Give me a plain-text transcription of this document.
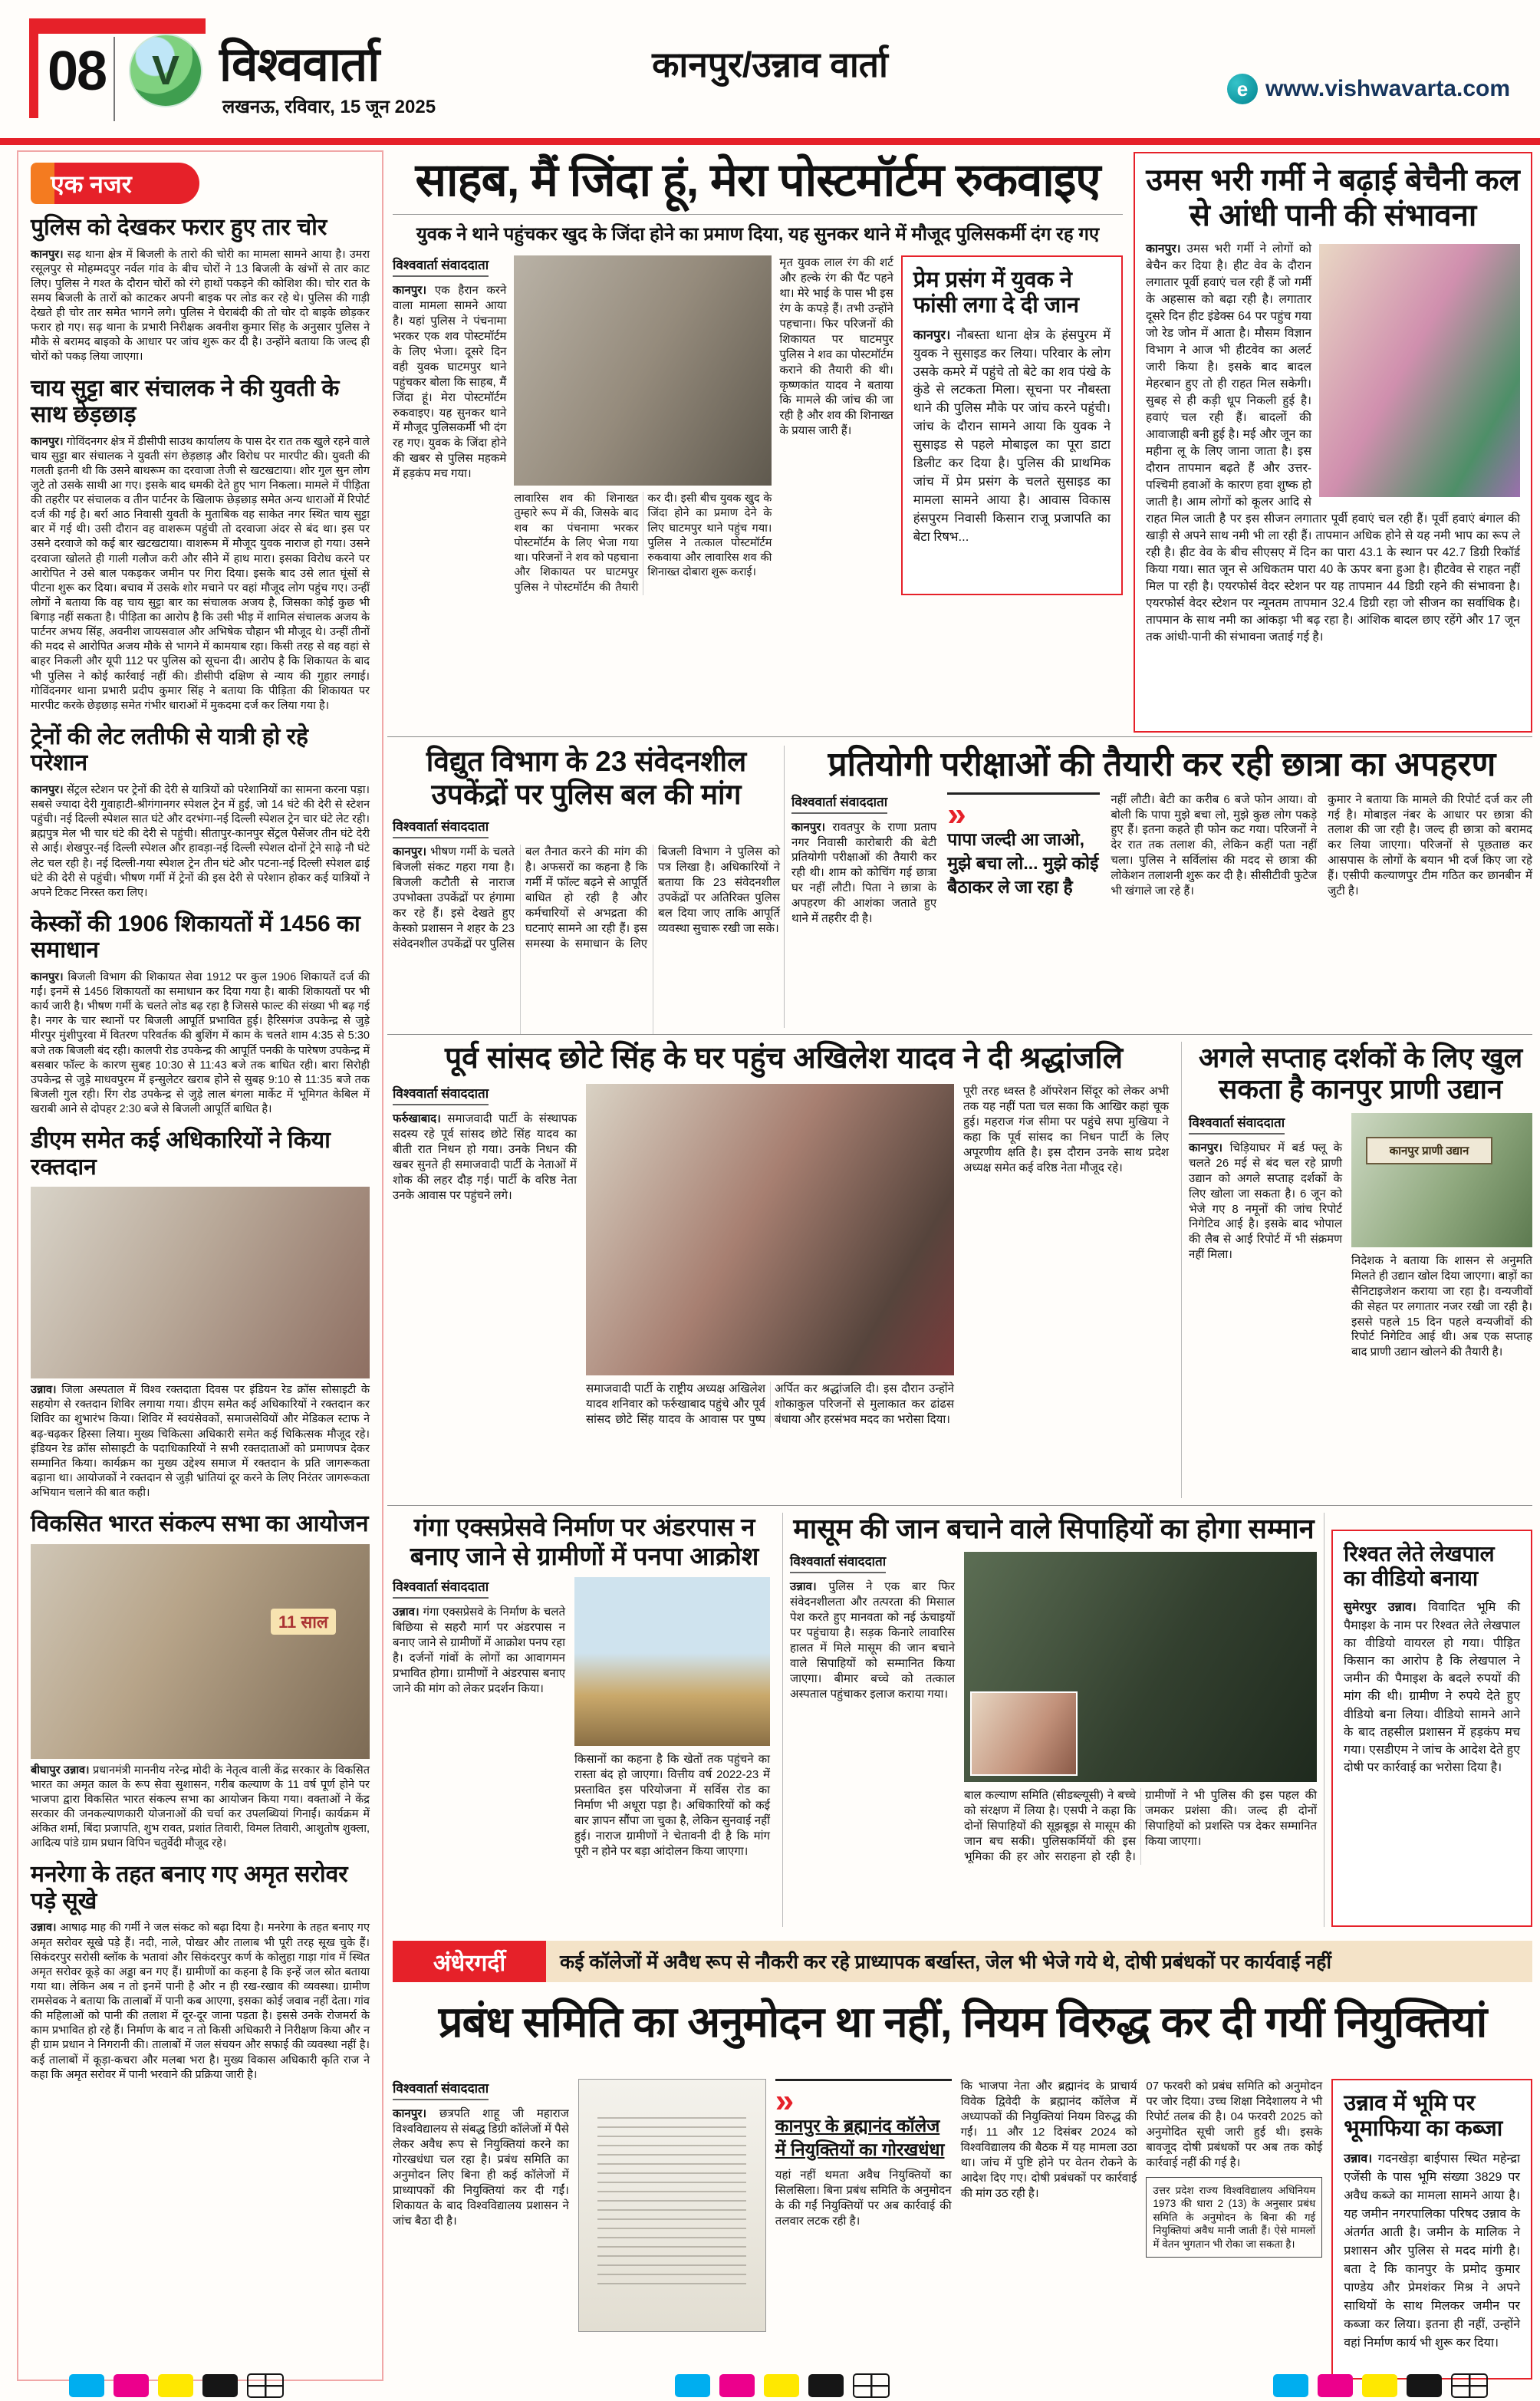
08 V विश्ववार्ता
लखनऊ, रविवार, 15 जून 2025
कानपुर/उन्नाव वार्ता
e www.vishwavarta.com
एक नजर
पुलिस को देखकर फरार हुए तार चोर
कानपुर। सढ़ थाना क्षेत्र में बिजली के तारो की चोरी का मामला सामने आया है। उमरा रसूलपुर से मोहम्मदपुर नर्वल गांव के बीच चोरों ने 13 बिजली के खंभों से तार काट लिए। पुलिस ने गश्त के दौरान चोरों को रंगे हाथों पकड़ने की कोशिश की। चोर रात के समय बिजली के तारों को काटकर अपनी बाइक पर लोड कर रहे थे। पुलिस की गाड़ी देखते ही चोर तार समेत भागने लगे। पुलिस ने घेराबंदी की तो चोर दो बाइके छोड़कर फरार हो गए। सढ़ थाना के प्रभारी निरीक्षक अवनीश कुमार सिंह के अनुसार पुलिस ने मौके से बरामद बाइको के आधार पर जांच शुरू कर दी है। उन्होंने बताया कि जल्द ही चोरों को पकड़ लिया जाएगा।
चाय सुट्टा बार संचालक ने की युवती के साथ छेड़छाड़
कानपुर। गोविंदनगर क्षेत्र में डीसीपी साउथ कार्यालय के पास देर रात तक खुले रहने वाले चाय सुट्टा बार संचालक ने युवती संग छेड़छाड़ और विरोध पर मारपीट की। युवती की गलती इतनी थी कि उसने बाथरूम का दरवाजा तेजी से खटखटाया। शोर गुल सुन लोग जुटे तो उसके साथी आ गए। इसके बाद धमकी देते हुए भाग निकला। मामले में पीड़िता की तहरीर पर संचालक व तीन पार्टनर के खिलाफ छेड़छाड़ समेत अन्य धाराओं में रिपोर्ट दर्ज की गई है। बर्रा आठ निवासी युवती के मुताबिक वह साकेत नगर स्थित चाय सुट्टा बार में गई थी। उसी दौरान वह वाशरूम पहुंची तो दरवाजा अंदर से बंद था। इस पर उसने दरवाजे को कई बार खटखटाया। वाशरूम में मौजूद युवक नाराज हो गया। उसने दरवाजा खोलते ही गाली गलौज करी और सीने में हाथ मारा। इसका विरोध करने पर आरोपित ने उसे बाल पकड़कर जमीन पर गिरा दिया। इसके बाद उसे लात घूंसों से पीटना शुरू कर दिया। बचाव में उसके शोर मचाने पर वहां मौजूद लोग पहुंच गए। उन्हीं लोगों ने बताया कि वह चाय सुट्टा बार का संचालक अजय है, जिसका कोई कुछ भी बिगाड़ नहीं सकता है। पीड़िता का आरोप है कि उसी भीड़ में शामिल संचालक अजय के पार्टनर अभय सिंह, अवनीश जायसवाल और अभिषेक चौहान भी मौजूद थे। उन्हीं तीनों की मदद से आरोपित अजय मौके से भागने में कामयाब रहा। किसी तरह से वह वहां से बाहर निकली और यूपी 112 पर पुलिस को सूचना दी। आरोप है कि शिकायत के बाद भी पुलिस ने कोई कार्रवाई नहीं की। डीसीपी दक्षिण से न्याय की गुहार लगाई। गोविंदनगर थाना प्रभारी प्रदीप कुमार सिंह ने बताया कि पीड़िता की शिकायत पर मारपीट करके छेड़छाड़ समेत गंभीर धाराओं में मुकदमा दर्ज कर लिया गया है।
ट्रेनों की लेट लतीफी से यात्री हो रहे परेशान
कानपुर। सेंट्रल स्टेशन पर ट्रेनों की देरी से यात्रियों को परेशानियों का सामना करना पड़ा। सबसे ज्यादा देरी गुवाहाटी-श्रीगंगानगर स्पेशल ट्रेन में हुई, जो 14 घंटे की देरी से स्टेशन पहुंची। नई दिल्ली स्पेशल सात घंटे और दरभंगा-नई दिल्ली स्पेशल ट्रेन चार घंटे लेट रही। ब्रह्मपुत्र मेल भी चार घंटे की देरी से पहुंची। सीतापुर-कानपुर सेंट्रल पैसेंजर तीन घंटे देरी से आई। शेखपुर-नई दिल्ली स्पेशल और हावड़ा-नई दिल्ली स्पेशल दोनों ट्रेने साढ़े नौ घंटे लेट चल रही है। नई दिल्ली-गया स्पेशल ट्रेन तीन घंटे और पटना-नई दिल्ली स्पेशल ढाई घंटे की देरी से पहुंची। भीषण गर्मी में ट्रेनों की इस देरी से परेशान होकर कई यात्रियों ने अपने टिकट निरस्त करा लिए।
केस्कों की 1906 शिकायतों में 1456 का समाधान
कानपुर। बिजली विभाग की शिकायत सेवा 1912 पर कुल 1906 शिकायतें दर्ज की गईं। इनमें से 1456 शिकायतों का समाधान कर दिया गया है। बाकी शिकायतों पर भी कार्य जारी है। भीषण गर्मी के चलते लोड बढ़ रहा है जिससे फाल्ट की संख्या भी बढ़ गई है। नगर के चार स्थानों पर बिजली आपूर्ति प्रभावित हुई। हैरिसगंज उपकेन्द्र से जुड़े मीरपुर मुंशीपुरवा में वितरण परिवर्तक की बुशिंग में काम के चलते शाम 4:35 से 5:30 बजे तक बिजली बंद रही। कालपी रोड उपकेन्द्र की आपूर्ति पनकी के पारेषण उपकेन्द्र में बसबार फॉल्ट के कारण सुबह 10:30 से 11:43 बजे तक बाधित रही। बारा सिरोही उपकेन्द्र से जुड़े माधवपुरम में इन्सुलेटर खराब होने से सुबह 9:10 से 11:35 बजे तक बिजली गुल रही। रिंग रोड उपकेन्द्र से जुड़े लाल बंगला मार्केट में भूमिगत केबिल में खराबी आने से दोपहर 2:30 बजे से बिजली आपूर्ति बाधित है।
डीएम समेत कई अधिकारियों ने किया रक्तदान
उन्नाव। जिला अस्पताल में विश्व रक्तदाता दिवस पर इंडियन रेड क्रॉस सोसाइटी के सहयोग से रक्तदान शिविर लगाया गया। डीएम समेत कई अधिकारियों ने रक्तदान कर शिविर का शुभारंभ किया। शिविर में स्वयंसेवकों, समाजसेवियों और मेडिकल स्टाफ ने बढ़-चढ़कर हिस्सा लिया। मुख्य चिकित्सा अधिकारी समेत कई चिकित्सक मौजूद रहे। इंडियन रेड क्रॉस सोसाइटी के पदाधिकारियों ने सभी रक्तदाताओं को प्रमाणपत्र देकर सम्मानित किया। कार्यक्रम का मुख्य उद्देश्य समाज में रक्तदान के प्रति जागरूकता बढ़ाना था। आयोजकों ने रक्तदान से जुड़ी भ्रांतियां दूर करने के लिए निरंतर जागरूकता अभियान चलाने की बात कही।
विकसित भारत संकल्प सभा का आयोजन
11 साल
बीघापुर उन्नाव। प्रधानमंत्री माननीय नरेन्द्र मोदी के नेतृत्व वाली केंद्र सरकार के विकसित भारत का अमृत काल के रूप सेवा सुशासन, गरीब कल्याण के 11 वर्ष पूर्ण होने पर भाजपा द्वारा विकसित भारत संकल्प सभा का आयोजन किया गया। वक्ताओं ने केंद्र सरकार की जनकल्याणकारी योजनाओं की चर्चा कर उपलब्धियां गिनाईं। कार्यक्रम में अंकित शर्मा, बिंदा प्रजापति, शुभ रावत, प्रशांत तिवारी, विमल तिवारी, आशुतोष शुक्ला, आदित्य पांडे ग्राम प्रधान विपिन चतुर्वेदी मौजूद रहे।
मनरेगा के तहत बनाए गए अमृत सरोवर पड़े सूखे
उन्नाव। आषाढ़ माह की गर्मी ने जल संकट को बढ़ा दिया है। मनरेगा के तहत बनाए गए अमृत सरोवर सूखे पड़े हैं। नदी, नाले, पोखर और तालाब भी पूरी तरह सूख चुके हैं। सिकंदरपुर सरोसी ब्लॉक के भतावां और सिकंदरपुर कर्ण के कोलुहा गाड़ा गांव में स्थित अमृत सरोवर कूड़े का अड्डा बन गए हैं। ग्रामीणों का कहना है कि इन्हें जल स्रोत बताया गया था। लेकिन अब न तो इनमें पानी है और न ही रख-रखाव की व्यवस्था। ग्रामीण रामसेवक ने बताया कि तालाबों में पानी कब आएगा, इसका कोई जवाब नहीं देता। गांव की महिलाओं को पानी की तलाश में दूर-दूर जाना पड़ता है। इससे उनके रोजमर्रा के काम प्रभावित हो रहे हैं। निर्माण के बाद न तो किसी अधिकारी ने निरीक्षण किया और न ही ग्राम प्रधान ने निगरानी की। तालाबों में जल संचयन और सफाई की व्यवस्था नहीं है। कई तालाबों में कूड़ा-कचरा और मलबा भरा है। मुख्य विकास अधिकारी कृति राज ने कहा कि अमृत सरोवर में पानी भरवाने की प्रक्रिया जारी है।
साहब, मैं जिंदा हूं, मेरा पोस्टमॉर्टम रुकवाइए
युवक ने थाने पहुंचकर खुद के जिंदा होने का प्रमाण दिया, यह सुनकर थाने में मौजूद पुलिसकर्मी दंग रह गए
विश्ववार्ता संवाददाता
कानपुर। एक हैरान करने वाला मामला सामने आया है। यहां पुलिस ने पंचनामा भरकर एक शव पोस्टमॉर्टम के लिए भेजा। दूसरे दिन वही युवक घाटमपुर थाने पहुंचकर बोला कि साहब, मैं जिंदा हूं। मेरा पोस्टमॉर्टम रुकवाइए। यह सुनकर थाने में मौजूद पुलिसकर्मी भी दंग रह गए। युवक के जिंदा होने की खबर से पुलिस महकमे में हड़कंप मच गया।
लावारिस शव की शिनाख्त तुम्हारे रूप में की, जिसके बाद शव का पंचनामा भरकर पोस्टमॉर्टम के लिए भेजा गया था। परिजनों ने शव को पहचाना और शिकायत पर घाटमपुर पुलिस ने पोस्टमॉर्टम की तैयारी कर दी। इसी बीच युवक खुद के जिंदा होने का प्रमाण देने के लिए घाटमपुर थाने पहुंच गया। पुलिस ने तत्काल पोस्टमॉर्टम रुकवाया और लावारिस शव की शिनाख्त दोबारा शुरू कराई।
मृत युवक लाल रंग की शर्ट और हल्के रंग की पैंट पहने था। मेरे भाई के पास भी इस रंग के कपड़े हैं। तभी उन्होंने पहचाना। फिर परिजनों की शिकायत पर घाटमपुर पुलिस ने शव का पोस्टमॉर्टम कराने की तैयारी की थी। कृष्णकांत यादव ने बताया कि मामले की जांच की जा रही है और शव की शिनाख्त के प्रयास जारी हैं।
प्रेम प्रसंग में युवक ने फांसी लगा दे दी जान
कानपुर। नौबस्ता थाना क्षेत्र के हंसपुरम में युवक ने सुसाइड कर लिया। परिवार के लोग उसके कमरे में पहुंचे तो बेटे का शव पंखे के कुंडे से लटकता मिला। सूचना पर नौबस्ता थाने की पुलिस मौके पर जांच करने पहुंची। जांच के दौरान सामने आया कि युवक ने सुसाइड से पहले मोबाइल का पूरा डाटा डिलीट कर दिया है। पुलिस की प्राथमिक जांच में प्रेम प्रसंग के चलते सुसाइड का मामला सामने आया है। आवास विकास हंसपुरम निवासी किसान राजू प्रजापति का बेटा रिषभ...
उमस भरी गर्मी ने बढ़ाई बेचैनी कल से आंधी पानी की संभावना
कानपुर। उमस भरी गर्मी ने लोगों को बेचैन कर दिया है। हीट वेव के दौरान लगातार पूर्वी हवाएं चल रही हैं जो गर्मी के अहसास को बढ़ा रही है। लगातार दूसरे दिन हीट इंडेक्स 64 पर पहुंच गया जो रेड जोन में आता है। मौसम विज्ञान विभाग ने आज भी हीटवेव का अलर्ट जारी किया है। इसके बाद बादल मेहरबान हुए तो ही राहत मिल सकेगी। सुबह से ही कड़ी धूप निकली हुई है। हवाएं चल रही हैं। बादलों की आवाजाही बनी हुई है। मई और जून का महीना लू के लिए जाना जाता है। इस दौरान तापमान बढ़ते हैं और उत्तर-पश्चिमी हवाओं के कारण हवा शुष्क हो जाती है। आम लोगों को कूलर आदि से राहत मिल जाती है पर इस सीजन लगातार पूर्वी हवाएं चल रही हैं। पूर्वी हवाएं बंगाल की खाड़ी से अपने साथ नमी भी ला रही हैं। तापमान अधिक होने से यह नमी भाप का रूप ले रही है। हीट वेव के बीच सीएसए में दिन का पारा 43.1 के स्थान पर 42.7 डिग्री रिकॉर्ड किया गया। सात जून से अधिकतम पारा 40 के ऊपर बना हुआ है। हीटवेव से राहत नहीं मिल पा रही है। एयरफोर्स वेदर स्टेशन पर यह तापमान 44 डिग्री रहने की संभावना है। एयरफोर्स वेदर स्टेशन पर न्यूनतम तापमान 32.4 डिग्री रहा जो सीजन का सर्वाधिक है। तापमान के साथ नमी का आंकड़ा भी बढ़ रहा है। आंशिक बादल छाए रहेंगे और 17 जून तक आंधी-पानी की संभावना जताई गई है।
विद्युत विभाग के 23 संवेदनशील उपकेंद्रों पर पुलिस बल की मांग
विश्ववार्ता संवाददाता
कानपुर। भीषण गर्मी के चलते बिजली संकट गहरा गया है। बिजली कटौती से नाराज उपभोक्ता उपकेंद्रों पर हंगामा कर रहे हैं। इसे देखते हुए केस्को प्रशासन ने शहर के 23 संवेदनशील उपकेंद्रों पर पुलिस बल तैनात करने की मांग की है। अफसरों का कहना है कि गर्मी में फॉल्ट बढ़ने से आपूर्ति बाधित हो रही है और कर्मचारियों से अभद्रता की घटनाएं सामने आ रही हैं। इस समस्या के समाधान के लिए बिजली विभाग ने पुलिस को पत्र लिखा है। अधिकारियों ने बताया कि 23 संवेदनशील उपकेंद्रों पर अतिरिक्त पुलिस बल दिया जाए ताकि आपूर्ति व्यवस्था सुचारू रखी जा सके।
प्रतियोगी परीक्षाओं की तैयारी कर रही छात्रा का अपहरण
विश्ववार्ता संवाददाता
कानपुर। रावतपुर के राणा प्रताप नगर निवासी कारोबारी की बेटी प्रतियोगी परीक्षाओं की तैयारी कर रही थी। शाम को कोचिंग गई छात्रा घर नहीं लौटी। पिता ने छात्रा के अपहरण की आशंका जताते हुए थाने में तहरीर दी है।
» पापा जल्दी आ जाओ, मुझे बचा लो... मुझे कोई बैठाकर ले जा रहा है
नहीं लौटी। बेटी का करीब 6 बजे फोन आया। वो बोली कि पापा मुझे बचा लो, मुझे कुछ लोग पकड़े हुए हैं। इतना कहते ही फोन कट गया। परिजनों ने देर रात तक तलाश की, लेकिन कहीं पता नहीं चला। पुलिस ने सर्विलांस की मदद से छात्रा की लोकेशन तलाशनी शुरू कर दी है। सीसीटीवी फुटेज भी खंगाले जा रहे हैं।
कुमार ने बताया कि मामले की रिपोर्ट दर्ज कर ली गई है। मोबाइल नंबर के आधार पर छात्रा की तलाश की जा रही है। जल्द ही छात्रा को बरामद कर लिया जाएगा। परिजनों से पूछताछ कर आसपास के लोगों के बयान भी दर्ज किए जा रहे हैं। एसीपी कल्याणपुर टीम गठित कर छानबीन में जुटी है।
पूर्व सांसद छोटे सिंह के घर पहुंच अखिलेश यादव ने दी श्रद्धांजलि
विश्ववार्ता संवाददाता
फर्रुखाबाद। समाजवादी पार्टी के संस्थापक सदस्य रहे पूर्व सांसद छोटे सिंह यादव का बीती रात निधन हो गया। उनके निधन की खबर सुनते ही समाजवादी पार्टी के नेताओं में शोक की लहर दौड़ गई। पार्टी के वरिष्ठ नेता उनके आवास पर पहुंचने लगे।
समाजवादी पार्टी के राष्ट्रीय अध्यक्ष अखिलेश यादव शनिवार को फर्रुखाबाद पहुंचे और पूर्व सांसद छोटे सिंह यादव के आवास पर पुष्प अर्पित कर श्रद्धांजलि दी। इस दौरान उन्होंने शोकाकुल परिजनों से मुलाकात कर ढांढस बंधाया और हरसंभव मदद का भरोसा दिया।
पूरी तरह ध्वस्त है ऑपरेशन सिंदूर को लेकर अभी तक यह नहीं पता चल सका कि आखिर कहां चूक हुई। महराज गंज सीमा पर पहुंचे सपा मुखिया ने कहा कि पूर्व सांसद का निधन पार्टी के लिए अपूरणीय क्षति है। इस दौरान उनके साथ प्रदेश अध्यक्ष समेत कई वरिष्ठ नेता मौजूद रहे।
अगले सप्ताह दर्शकों के लिए खुल सकता है कानपुर प्राणी उद्यान
विश्ववार्ता संवाददाता
कानपुर। चिड़ियाघर में बर्ड फ्लू के चलते 26 मई से बंद चल रहे प्राणी उद्यान को अगले सप्ताह दर्शकों के लिए खोला जा सकता है। 6 जून को भेजे गए 8 नमूनों की जांच रिपोर्ट निगेटिव आई है। इसके बाद भोपाल की लैब से आई रिपोर्ट में भी संक्रमण नहीं मिला।
कानपुर प्राणी उद्यान
निदेशक ने बताया कि शासन से अनुमति मिलते ही उद्यान खोल दिया जाएगा। बाड़ों का सैनिटाइजेशन कराया जा रहा है। वन्यजीवों की सेहत पर लगातार नजर रखी जा रही है। इससे पहले 15 दिन पहले वन्यजीवों की रिपोर्ट निगेटिव आई थी। अब एक सप्ताह बाद प्राणी उद्यान खोलने की तैयारी है।
गंगा एक्सप्रेसवे निर्माण पर अंडरपास न बनाए जाने से ग्रामीणों में पनपा आक्रोश
विश्ववार्ता संवाददाता
उन्नाव। गंगा एक्सप्रेसवे के निर्माण के चलते बिछिया से सहरौ मार्ग पर अंडरपास न बनाए जाने से ग्रामीणों में आक्रोश पनप रहा है। दर्जनों गांवों के लोगों का आवागमन प्रभावित होगा। ग्रामीणों ने अंडरपास बनाए जाने की मांग को लेकर प्रदर्शन किया।
किसानों का कहना है कि खेतों तक पहुंचने का रास्ता बंद हो जाएगा। वित्तीय वर्ष 2022-23 में प्रस्तावित इस परियोजना में सर्विस रोड का निर्माण भी अधूरा पड़ा है। अधिकारियों को कई बार ज्ञापन सौंपा जा चुका है, लेकिन सुनवाई नहीं हुई। नाराज ग्रामीणों ने चेतावनी दी है कि मांग पूरी न होने पर बड़ा आंदोलन किया जाएगा।
मासूम की जान बचाने वाले सिपाहियों का होगा सम्मान
विश्ववार्ता संवाददाता
उन्नाव। पुलिस ने एक बार फिर संवेदनशीलता और तत्परता की मिसाल पेश करते हुए मानवता को नई ऊंचाइयों पर पहुंचाया है। सड़क किनारे लावारिस हालत में मिले मासूम की जान बचाने वाले सिपाहियों को सम्मानित किया जाएगा। बीमार बच्चे को तत्काल अस्पताल पहुंचाकर इलाज कराया गया।
बाल कल्याण समिति (सीडब्ल्यूसी) ने बच्चे को संरक्षण में लिया है। एसपी ने कहा कि दोनों सिपाहियों की सूझबूझ से मासूम की जान बच सकी। पुलिसकर्मियों की इस भूमिका की हर ओर सराहना हो रही है। ग्रामीणों ने भी पुलिस की इस पहल की जमकर प्रशंसा की। जल्द ही दोनों सिपाहियों को प्रशस्ति पत्र देकर सम्मानित किया जाएगा।
रिश्वत लेते लेखपाल का वीडियो बनाया
सुमेरपुर उन्नाव। विवादित भूमि की पैमाइश के नाम पर रिश्वत लेते लेखपाल का वीडियो वायरल हो गया। पीड़ित किसान का आरोप है कि लेखपाल ने जमीन की पैमाइश के बदले रुपयों की मांग की थी। ग्रामीण ने रुपये देते हुए वीडियो बना लिया। वीडियो सामने आने के बाद तहसील प्रशासन में हड़कंप मच गया। एसडीएम ने जांच के आदेश देते हुए दोषी पर कार्रवाई का भरोसा दिया है।
अंधेरगर्दी	कई कॉलेजों में अवैध रूप से नौकरी कर रहे प्राध्यापक बर्खास्त, जेल भी भेजे गये थे, दोषी प्रबंधकों पर कार्यवाई नहीं
प्रबंध समिति का अनुमोदन था नहीं, नियम विरुद्ध कर दी गयीं नियुक्तियां
विश्ववार्ता संवाददाता
कानपुर। छत्रपति शाहू जी महाराज विश्वविद्यालय से संबद्ध डिग्री कॉलेजों में पैसे लेकर अवैध रूप से नियुक्तियां करने का गोरखधंधा चल रहा है। प्रबंध समिति का अनुमोदन लिए बिना ही कई कॉलेजों में प्राध्यापकों की नियुक्तियां कर दी गईं। शिकायत के बाद विश्वविद्यालय प्रशासन ने जांच बैठा दी है।
» कानपुर के ब्रह्मानंद कॉलेज में नियुक्तियों का गोरखधंधा
यहां नहीं थमता अवैध नियुक्तियों का सिलसिला। बिना प्रबंध समिति के अनुमोदन के की गईं नियुक्तियों पर अब कार्रवाई की तलवार लटक रही है।
कि भाजपा नेता और ब्रह्मानंद के प्राचार्य विवेक द्विवेदी के ब्रह्मानंद कॉलेज में अध्यापकों की नियुक्तियां नियम विरुद्ध की गईं। 11 और 12 दिसंबर 2024 को विश्वविद्यालय की बैठक में यह मामला उठा था। जांच में पुष्टि होने पर वेतन रोकने के आदेश दिए गए। दोषी प्रबंधकों पर कार्रवाई की मांग उठ रही है।
07 फरवरी को प्रबंध समिति को अनुमोदन पर जोर दिया। उच्च शिक्षा निदेशालय ने भी रिपोर्ट तलब की है। 04 फरवरी 2025 को अनुमोदित सूची जारी हुई थी। इसके बावजूद दोषी प्रबंधकों पर अब तक कोई कार्रवाई नहीं की गई है।
उत्तर प्रदेश राज्य विश्वविद्यालय अधिनियम 1973 की धारा 2 (13) के अनुसार प्रबंध समिति के अनुमोदन के बिना की गई नियुक्तियां अवैध मानी जाती हैं। ऐसे मामलों में वेतन भुगतान भी रोका जा सकता है।
उन्नाव में भूमि पर भूमाफिया का कब्जा
उन्नाव। गदनखेड़ा बाईपास स्थित महेन्द्रा एजेंसी के पास भूमि संख्या 3829 पर अवैध कब्जे का मामला सामने आया है। यह जमीन नगरपालिका परिषद उन्नाव के अंतर्गत आती है। जमीन के मालिक ने प्रशासन और पुलिस से मदद मांगी है। बता दे कि कानपुर के प्रमोद कुमार पाण्डेय और प्रेमशंकर मिश्र ने अपने साथियों के साथ मिलकर जमीन पर कब्जा कर लिया। इतना ही नहीं, उन्होंने वहां निर्माण कार्य भी शुरू कर दिया।
